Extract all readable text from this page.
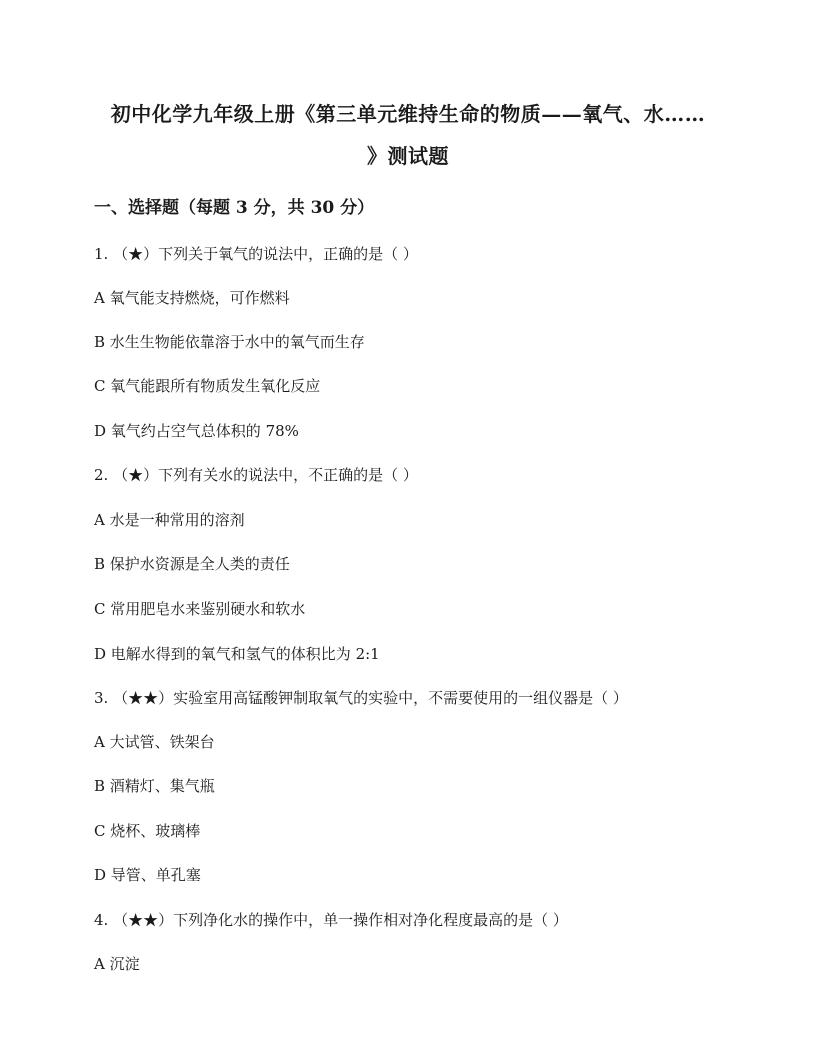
初中化学九年级上册《第三单元维持生命的物质——氧气、水……
》测试题
一、选择题（每题 3 分，共 30 分）

1. （★）下列关于氧气的说法中，正确的是（ ）

A 氧气能支持燃烧，可作燃料

B 水生生物能依靠溶于水中的氧气而生存

C 氧气能跟所有物质发生氧化反应

D 氧气约占空气总体积的 78%

2. （★）下列有关水的说法中，不正确的是（ ）

A 水是一种常用的溶剂

B 保护水资源是全人类的责任

C 常用肥皂水来鉴别硬水和软水

D 电解水得到的氧气和氢气的体积比为 2:1

3. （★★）实验室用高锰酸钾制取氧气的实验中，不需要使用的一组仪器是（ ）

A 大试管、铁架台

B 酒精灯、集气瓶

C 烧杯、玻璃棒

D 导管、单孔塞

4. （★★）下列净化水的操作中，单一操作相对净化程度最高的是（ ）

A 沉淀
